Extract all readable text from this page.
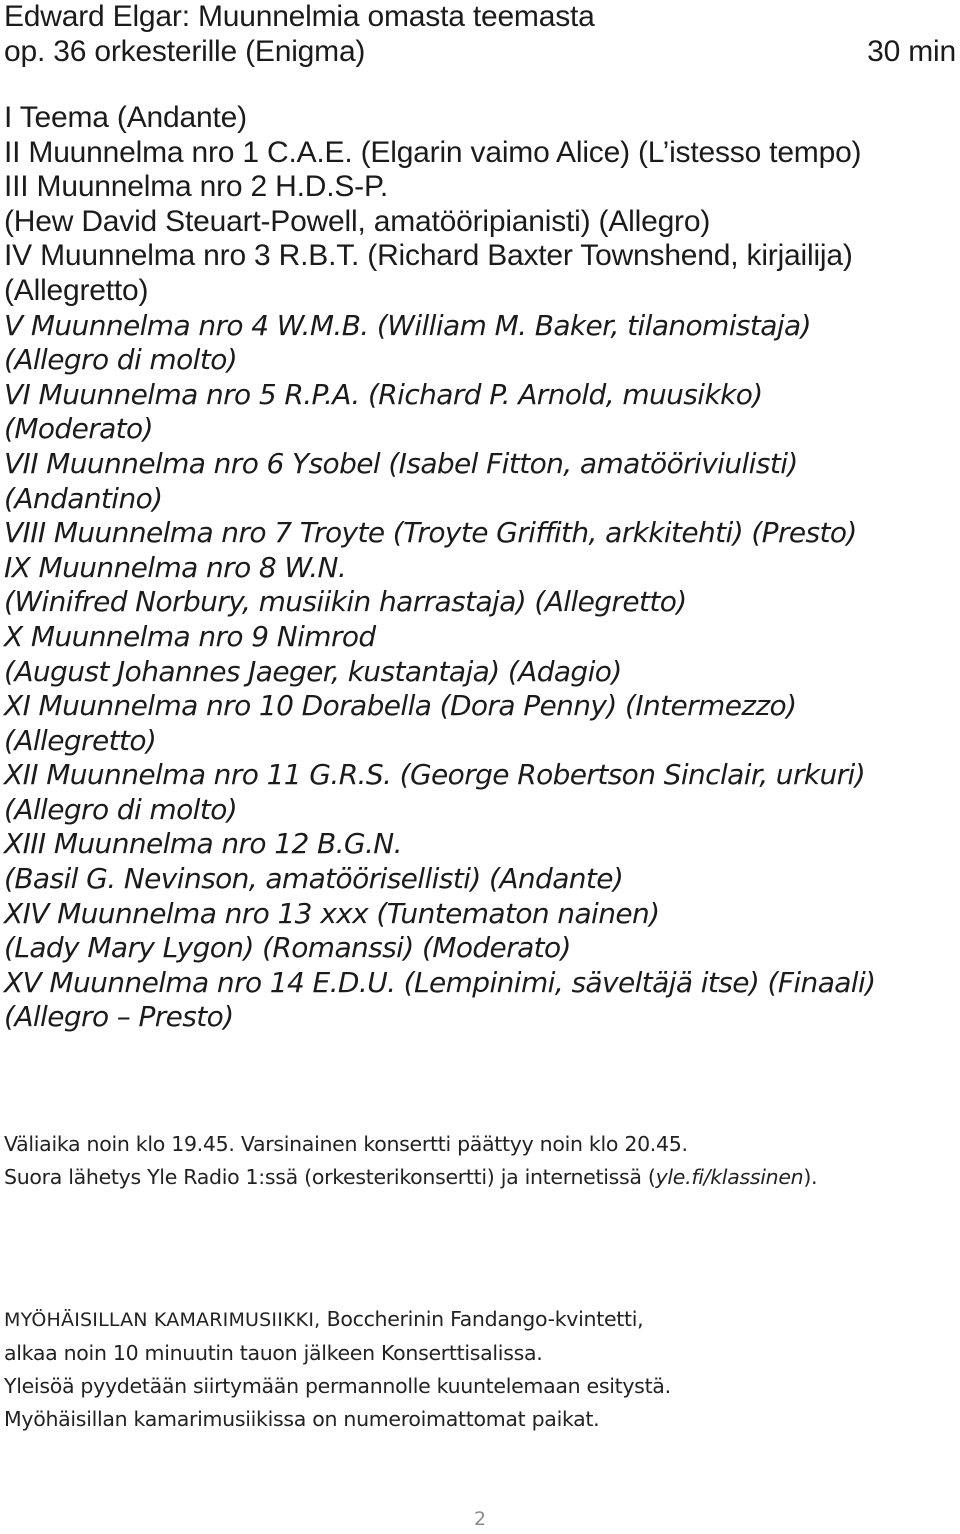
Edward Elgar: Muunnelmia omasta teemasta
op. 36 orkesterille (Enigma)	30 min
I Teema (Andante)
II Muunnelma nro 1 C.A.E. (Elgarin vaimo Alice) (L’istesso tempo)
III Muunnelma nro 2 H.D.S-P.
(Hew David Steuart-Powell, amatööripianisti) (Allegro)
IV Muunnelma nro 3 R.B.T. (Richard Baxter Townshend, kirjailija)
(Allegretto)
V Muunnelma nro 4 W.M.B. (William M. Baker, tilanomistaja)
(Allegro di molto)
VI Muunnelma nro 5 R.P.A. (Richard P. Arnold, muusikko)
(Moderato)
VII Muunnelma nro 6 Ysobel (Isabel Fitton, amatööriviulisti)
(Andantino)
VIII Muunnelma nro 7 Troyte (Troyte Griffith, arkkitehti) (Presto)
IX Muunnelma nro 8 W.N.
(Winifred Norbury, musiikin harrastaja) (Allegretto)
X Muunnelma nro 9 Nimrod
(August Johannes Jaeger, kustantaja) (Adagio)
XI Muunnelma nro 10 Dorabella (Dora Penny) (Intermezzo)
(Allegretto)
XII Muunnelma nro 11 G.R.S. (George Robertson Sinclair, urkuri)
(Allegro di molto)
XIII Muunnelma nro 12 B.G.N.
(Basil G. Nevinson, amatöörisellisti) (Andante)
XIV Muunnelma nro 13 xxx (Tuntematon nainen)
(Lady Mary Lygon) (Romanssi) (Moderato)
XV Muunnelma nro 14 E.D.U. (Lempinimi, säveltäjä itse) (Finaali)
(Allegro – Presto)
Väliaika noin klo 19.45. Varsinainen konsertti päättyy noin klo 20.45.
Suora lähetys Yle Radio 1:ssä (orkesterikonsertti) ja internetissä (yle.fi/klassinen).
MYÖHÄISILLAN KAMARIMUSIIKKI, Boccherinin Fandango-kvintetti,
alkaa noin 10 minuutin tauon jälkeen Konserttisalissa.
Yleisöä pyydetään siirtymään permannolle kuuntelemaan esitystä.
Myöhäisillan kamarimusiikissa on numeroimattomat paikat.
2
